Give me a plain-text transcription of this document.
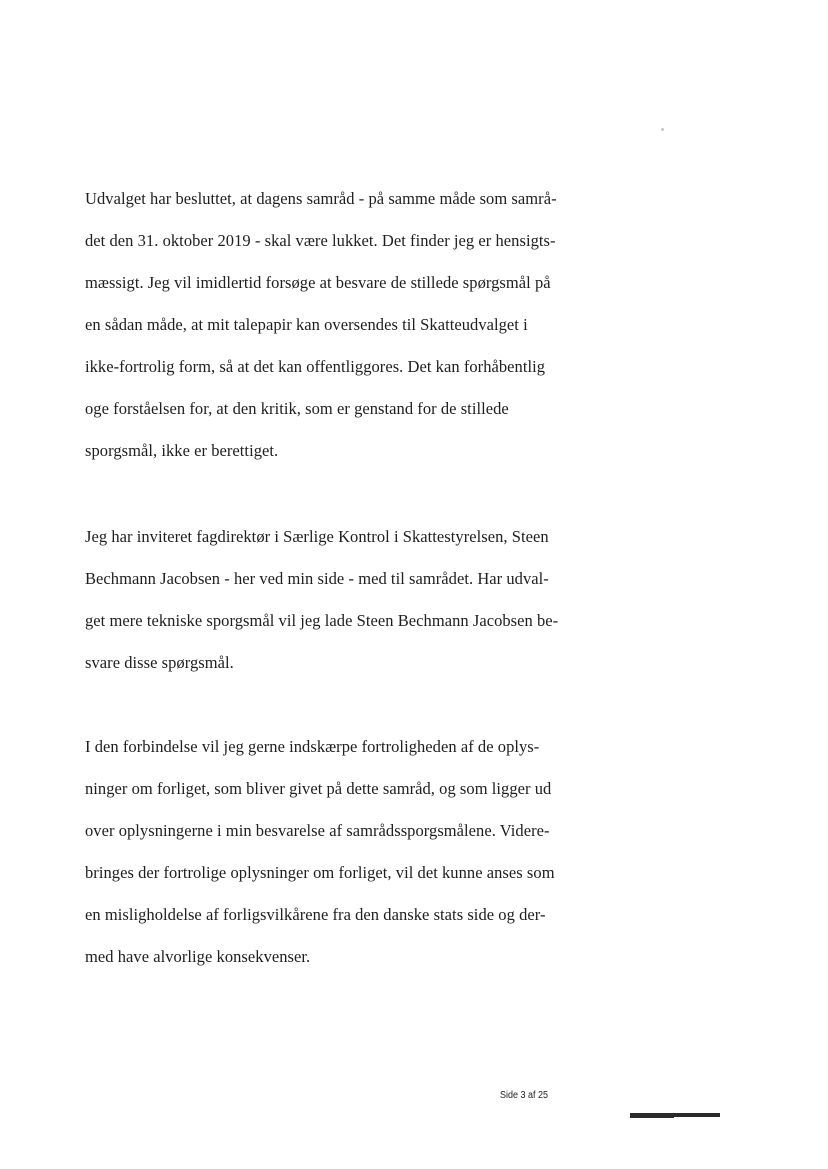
Udvalget har besluttet, at dagens samråd - på samme måde som samrå-
det den 31. oktober 2019 - skal være lukket. Det finder jeg er hensigts-
mæssigt. Jeg vil imidlertid forsøge at besvare de stillede spørgsmål på
en sådan måde, at mit talepapir kan oversendes til Skatteudvalget i
ikke-fortrolig form, så at det kan offentliggores. Det kan forhåbentlig
oge forståelsen for, at den kritik, som er genstand for de stillede
sporgsmål, ikke er berettiget.
Jeg har inviteret fagdirektør i Særlige Kontrol i Skattestyrelsen, Steen
Bechmann Jacobsen - her ved min side - med til samrådet. Har udval-
get mere tekniske sporgsmål vil jeg lade Steen Bechmann Jacobsen be-
svare disse spørgsmål.
I den forbindelse vil jeg gerne indskærpe fortroligheden af de oplys-
ninger om forliget, som bliver givet på dette samråd, og som ligger ud
over oplysningerne i min besvarelse af samrådssporgsmålene. Videre-
bringes der fortrolige oplysninger om forliget, vil det kunne anses som
en misligholdelse af forligsvilkårene fra den danske stats side og der-
med have alvorlige konsekvenser.
Side 3 af 25
